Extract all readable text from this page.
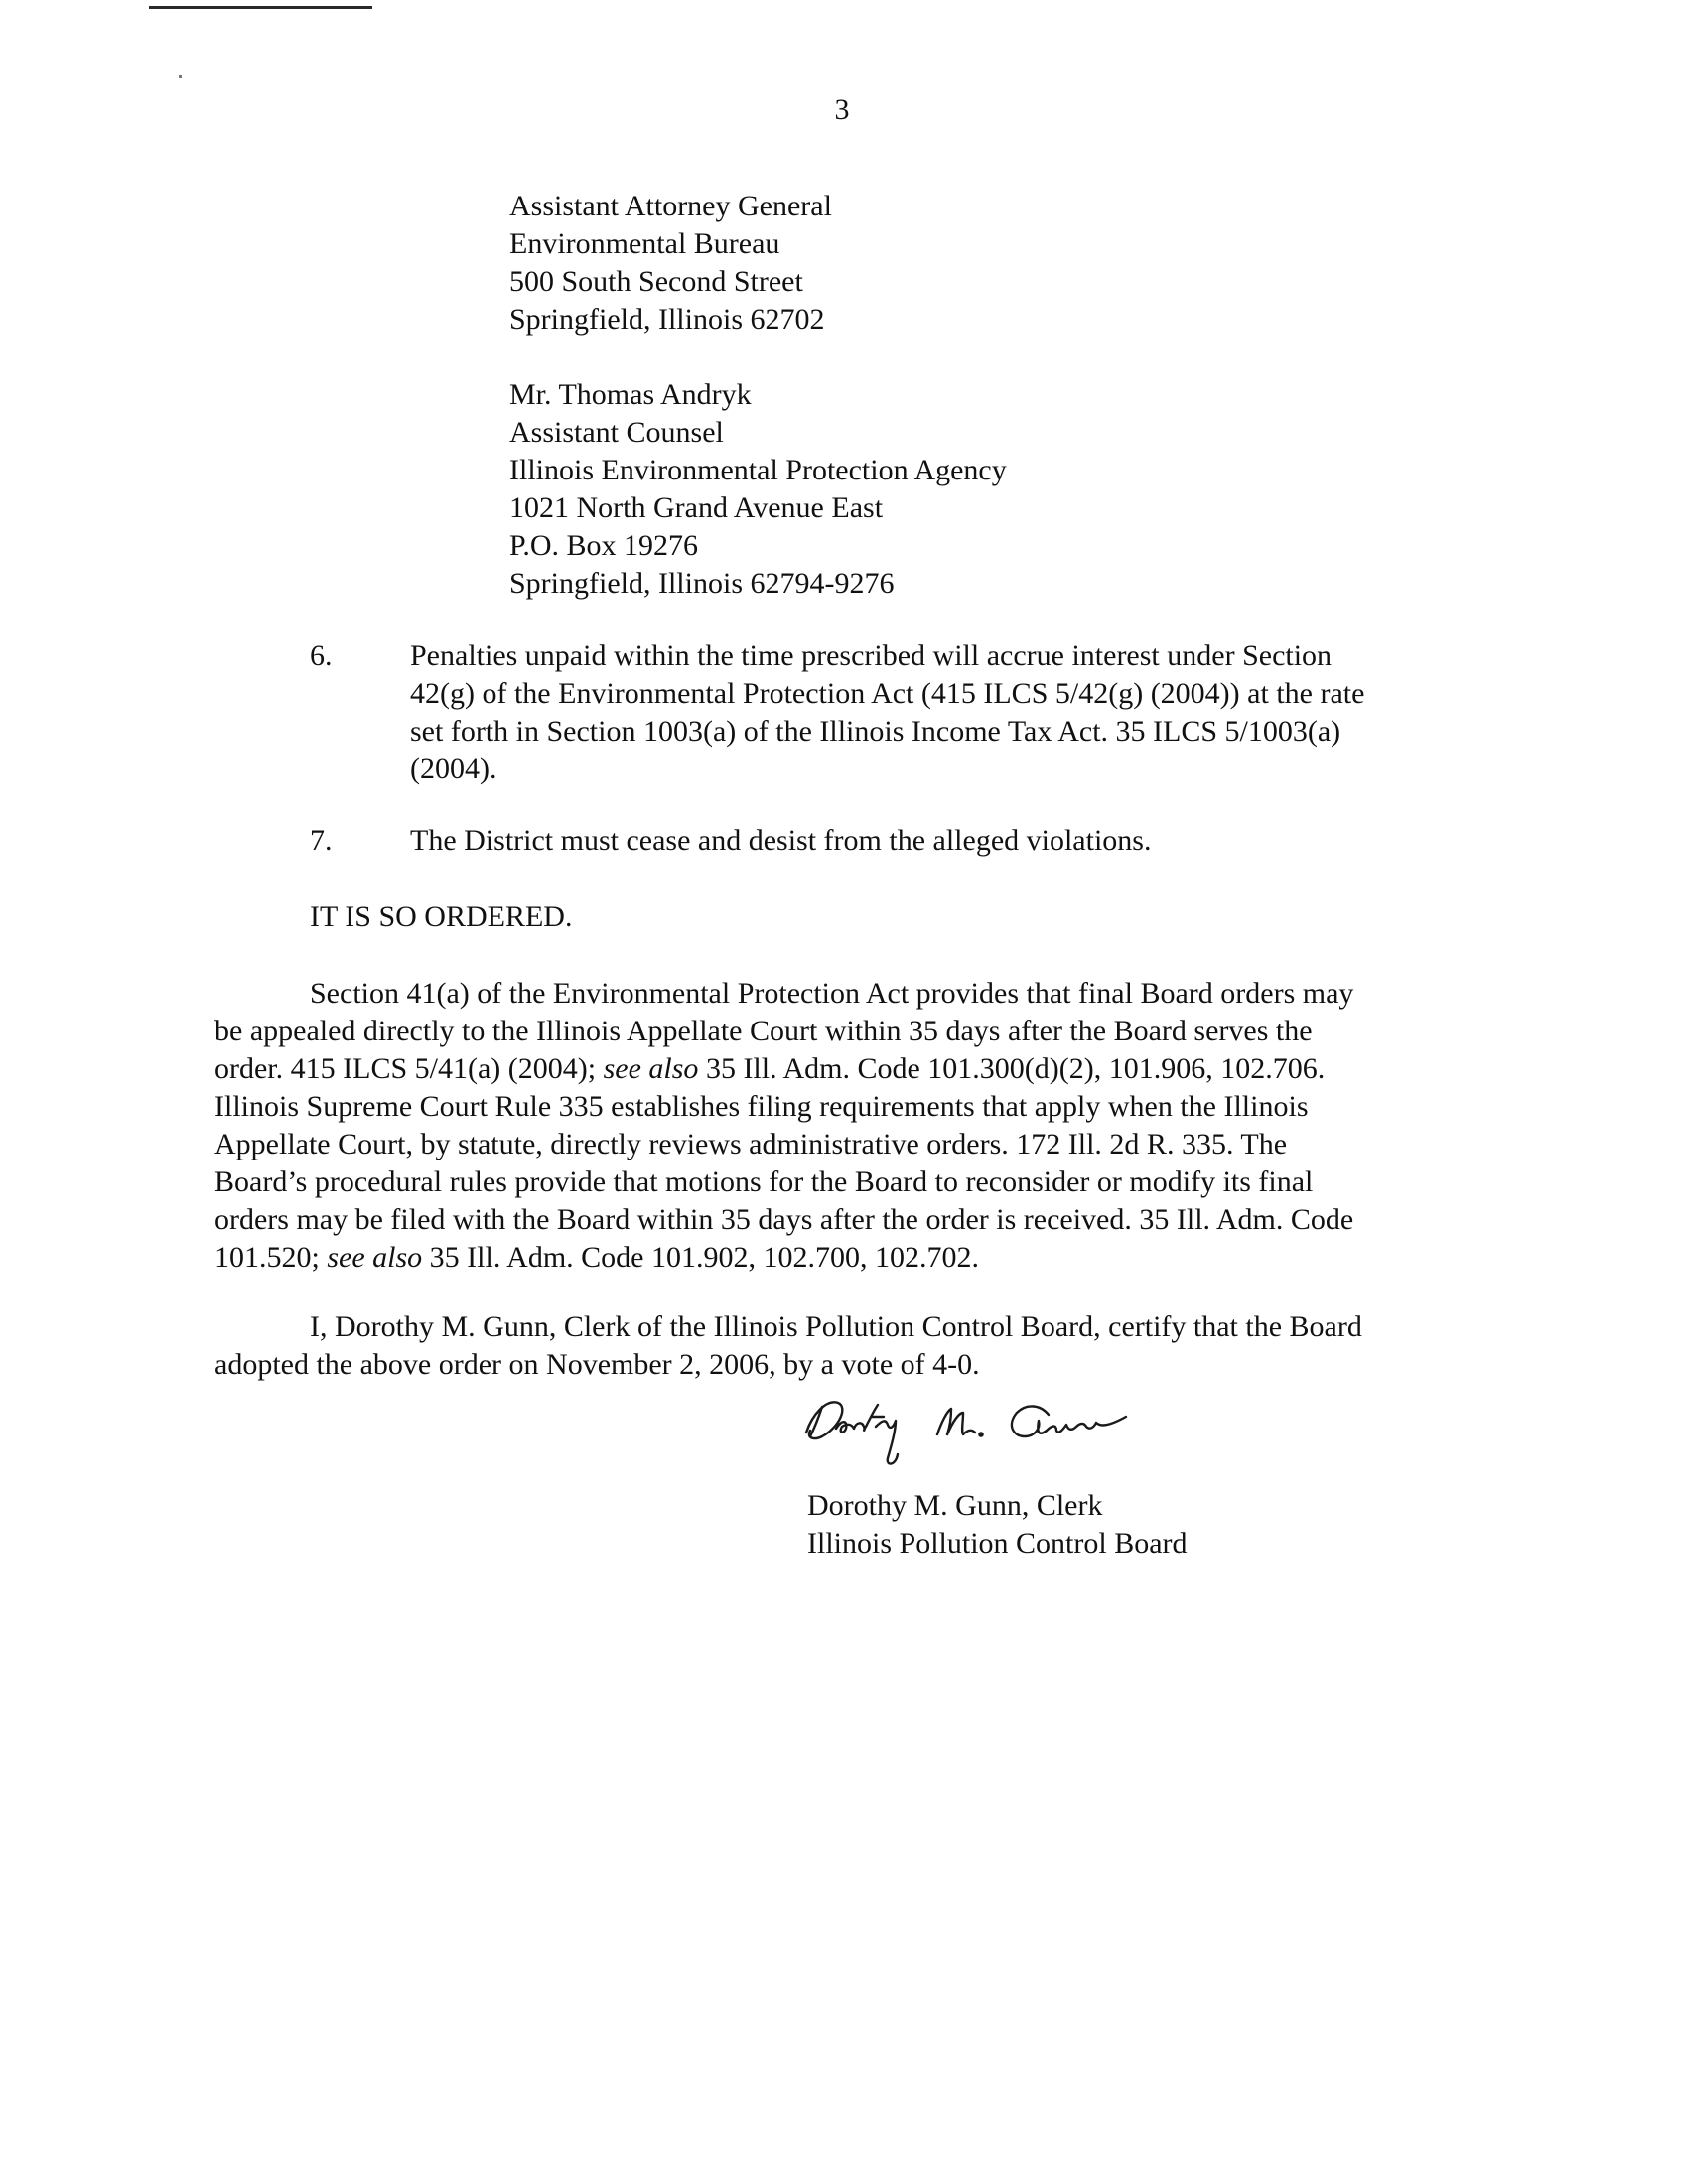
3
Assistant Attorney General
Environmental Bureau
500 South Second Street
Springfield, Illinois 62702
Mr. Thomas Andryk
Assistant Counsel
Illinois Environmental Protection Agency
1021 North Grand Avenue East
P.O. Box 19276
Springfield, Illinois 62794-9276
6.	Penalties unpaid within the time prescribed will accrue interest under Section
42(g) of the Environmental Protection Act (415 ILCS 5/42(g) (2004)) at the rate
set forth in Section 1003(a) of the Illinois Income Tax Act. 35 ILCS 5/1003(a)
(2004).
7.	The District must cease and desist from the alleged violations.
IT IS SO ORDERED.
Section 41(a) of the Environmental Protection Act provides that final Board orders may
be appealed directly to the Illinois Appellate Court within 35 days after the Board serves the
order. 415 ILCS 5/41(a) (2004); see also 35 Ill. Adm. Code 101.300(d)(2), 101.906, 102.706.
Illinois Supreme Court Rule 335 establishes filing requirements that apply when the Illinois
Appellate Court, by statute, directly reviews administrative orders. 172 Ill. 2d R. 335. The
Board’s procedural rules provide that motions for the Board to reconsider or modify its final
orders may be filed with the Board within 35 days after the order is received. 35 Ill. Adm. Code
101.520; see also 35 Ill. Adm. Code 101.902, 102.700, 102.702.
I, Dorothy M. Gunn, Clerk of the Illinois Pollution Control Board, certify that the Board
adopted the above order on November 2, 2006, by a vote of 4-0.
Dorothy M. Gunn, Clerk
Illinois Pollution Control Board
